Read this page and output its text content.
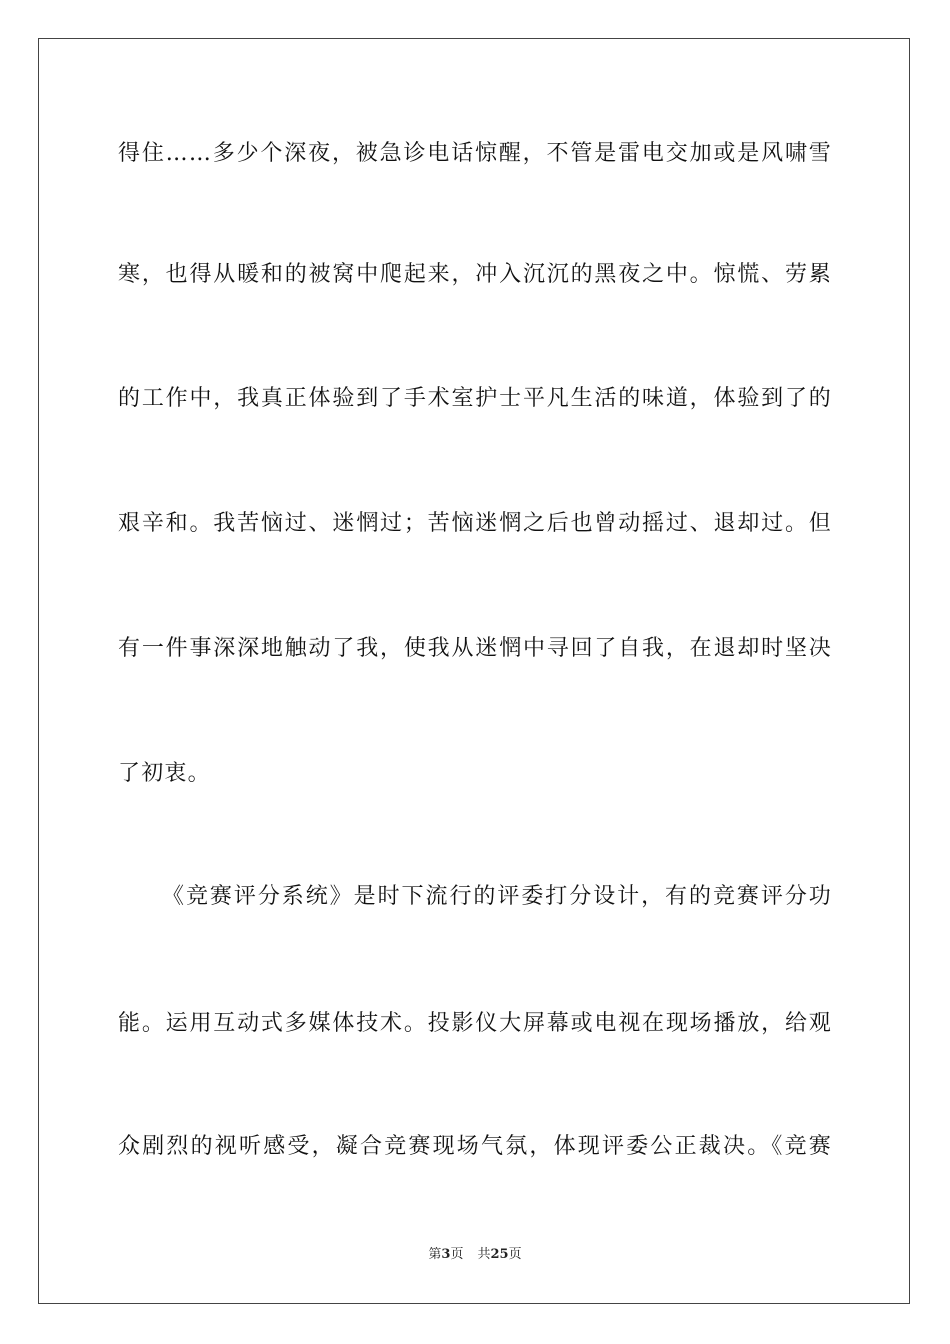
得住……多少个深夜，被急诊电话惊醒，不管是雷电交加或是风啸雪
寒，也得从暖和的被窝中爬起来，冲入沉沉的黑夜之中。惊慌、劳累
的工作中，我真正体验到了手术室护士平凡生活的味道，体验到了的
艰辛和。我苦恼过、迷惘过；苦恼迷惘之后也曾动摇过、退却过。但
有一件事深深地触动了我，使我从迷惘中寻回了自我，在退却时坚决
了初衷。
《竞赛评分系统》是时下流行的评委打分设计，有的竞赛评分功
能。运用互动式多媒体技术。投影仪大屏幕或电视在现场播放，给观
众剧烈的视听感受，凝合竞赛现场气氛，体现评委公正裁决。《竞赛
第3页 共25页
